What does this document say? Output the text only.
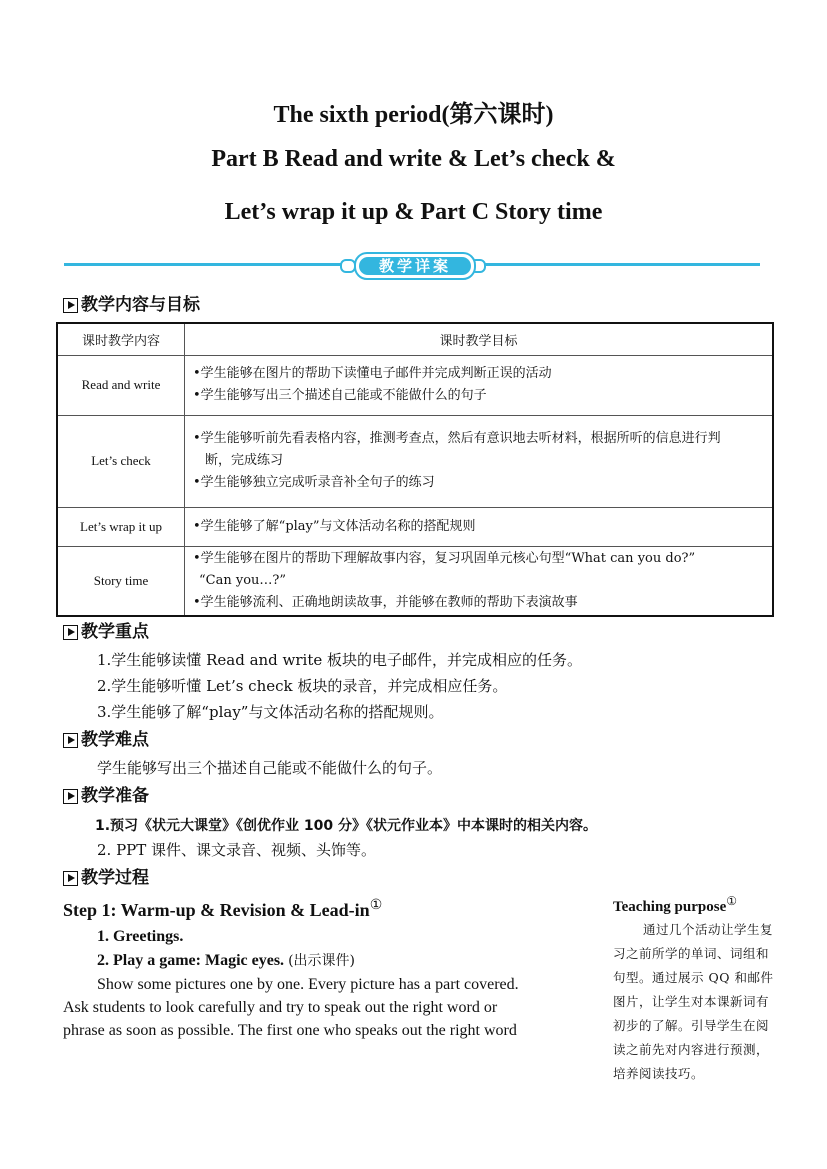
The sixth period(第六课时)
Part B Read and write & Let’s check &
Let’s wrap it up & Part C Story time
教学详案
教学内容与目标
课时教学内容	课时教学目标
Read and write	•学生能够在图片的帮助下读懂电子邮件并完成判断正误的活动
•学生能够写出三个描述自己能或不能做什么的句子

Let’s check	•学生能够听前先看表格内容，推测考查点，然后有意识地去听材料，根据所听的信息进行判
断，完成练习
•学生能够独立完成听录音补全句子的练习

Let’s wrap it up	•学生能够了解“play”与文体活动名称的搭配规则

Story time	•学生能够在图片的帮助下理解故事内容，复习巩固单元核心句型“What can you do?”
“Can you…?”
•学生能够流利、正确地朗读故事，并能够在教师的帮助下表演故事
教学重点
1.学生能够读懂 Read and write 板块的电子邮件，并完成相应的任务。
2.学生能够听懂 Let’s check 板块的录音，并完成相应任务。
3.学生能够了解“play”与文体活动名称的搭配规则。
教学难点
学生能够写出三个描述自己能或不能做什么的句子。
教学准备
1.预习《状元大课堂》《创优作业 100 分》《状元作业本》中本课时的相关内容。
2. PPT 课件、课文录音、视频、头饰等。
教学过程
Step 1: Warm-up & Revision & Lead-in①
1. Greetings.
2. Play a game: Magic eyes. (出示课件)
Show some pictures one by one. Every picture has a part covered.
Ask students to look carefully and try to speak out the right word or
phrase as soon as possible. The first one who speaks out the right word
Teaching purpose①
通过几个活动让学生复
习之前所学的单词、词组和
句型。通过展示 QQ 和邮件
图片，让学生对本课新词有
初步的了解。引导学生在阅
读之前先对内容进行预测，
培养阅读技巧。
